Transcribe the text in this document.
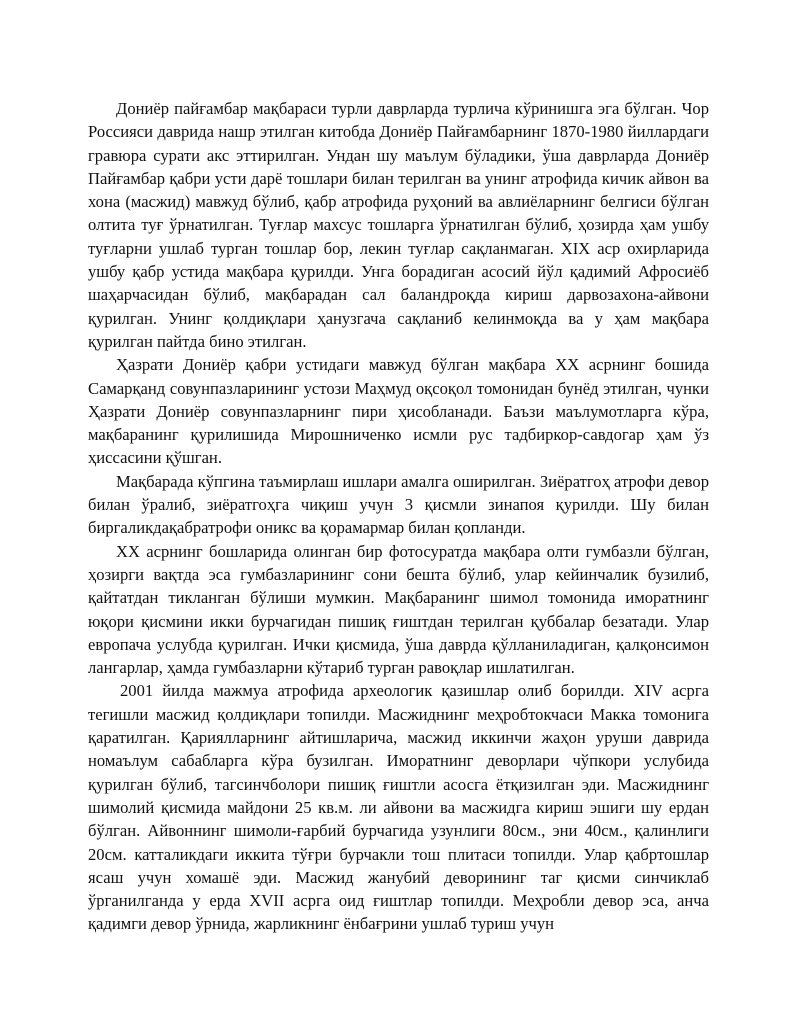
Дониёр пайғамбар мақбараси турли даврларда турлича кўринишга эга бўлган. Чор Россияси даврида нашр этилган китобда Дониёр Пайғамбарнинг 1870-1980 йиллардаги гравюра сурати акс эттирилган. Ундан шу маълум бўладики, ўша даврларда Дониёр Пайғамбар қабри усти дарё тошлари билан терилган ва унинг атрофида кичик айвон ва хона (масжид) мавжуд бўлиб, қабр атрофида руҳоний ва авлиёларнинг белгиси бўлган олтита туғ ўрнатилган. Туғлар махсус тошларга ўрнатилган бўлиб, ҳозирда ҳам ушбу туғларни ушлаб турган тошлар бор, лекин туғлар сақланмаган. XIX аср охирларида ушбу қабр устида мақбара қурилди. Унга борадиган асосий йўл қадимий Афросиёб шаҳарчасидан бўлиб, мақбарадан сал баландроқда кириш дарвозахона-айвони қурилган. Унинг қолдиқлари ҳанузгача сақланиб келинмоқда ва у ҳам мақбара қурилган пайтда бино этилган.

Ҳазрати Дониёр қабри устидаги мавжуд бўлган мақбара XX асрнинг бошида Самарқанд совунпазларининг устози Маҳмуд оқсоқол томонидан бунёд этилган, чунки Ҳазрати Дониёр совунпазларнинг пири ҳисобланади. Баъзи маълумотларга кўра, мақбаранинг қурилишида Мирошниченко исмли рус тадбиркор-савдогар ҳам ўз ҳиссасини қўшган.

Мақбарада кўпгина таъмирлаш ишлари амалга оширилган. Зиёратгоҳ атрофи девор билан ўралиб, зиёратгоҳга чиқиш учун 3 қисмли зинапоя қурилди. Шу билан биргаликдақабратрофи оникс ва қорамармар билан қопланди.

XX асрнинг бошларида олинган бир фотосуратда мақбара олти гумбазли бўлган, ҳозирги вақтда эса гумбазларининг сони бешта бўлиб, улар кейинчалик бузилиб, қайтатдан тикланган бўлиши мумкин. Мақбаранинг шимол томонида иморатнинг юқори қисмини икки бурчагидан пишиқ ғиштдан терилган қуббалар безатади. Улар европача услубда қурилган. Ички қисмида, ўша даврда қўлланиладиган, қалқонсимон лангарлар, ҳамда гумбазларни кўтариб турган равоқлар ишлатилган.

2001 йилда мажмуа атрофида археологик қазишлар олиб борилди. XIV асрга тегишли масжид қолдиқлари топилди. Масжиднинг меҳробтокчаси Макка томонига қаратилган. Қариялларнинг айтишларича, масжид иккинчи жаҳон уруши даврида номаълум сабабларга кўра бузилган. Иморатнинг деворлари чўпкори услубида қурилган бўлиб, тагсинчболори пишиқ ғиштли асосга ётқизилган эди. Масжиднинг шимолий қисмида майдони 25 кв.м. ли айвони ва масжидга кириш эшиги шу ердан бўлган. Айвоннинг шимоли-ғарбий бурчагида узунлиги 80см., эни 40см., қалинлиги 20см. катталикдаги иккита тўғри бурчакли тош плитаси топилди. Улар қабртошлар ясаш учун хомашё эди. Масжид жанубий деворининг таг қисми синчиклаб ўрганилганда у ерда XVII асрга оид ғиштлар топилди. Меҳробли девор эса, анча қадимги девор ўрнида, жарликнинг ёнбағрини ушлаб туриш учун
